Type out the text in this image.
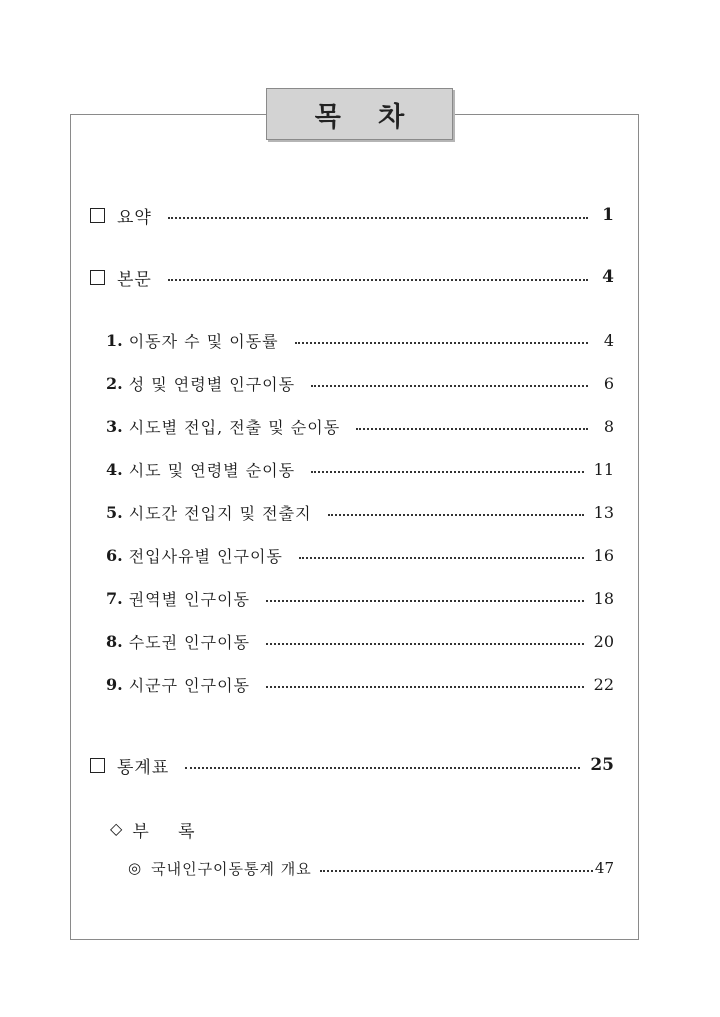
목 차
요약	1
본문	4
1. 이동자 수 및 이동률	4
2. 성 및 연령별 인구이동	6
3. 시도별 전입, 전출 및 순이동	8
4. 시도 및 연령별 순이동	11
5. 시도간 전입지 및 전출지	13
6. 전입사유별 인구이동	16
7. 권역별 인구이동	18
8. 수도권 인구이동	20
9. 시군구 인구이동	22
통계표	25
◇ 부 록
◎ 국내인구이동통계 개요	47
